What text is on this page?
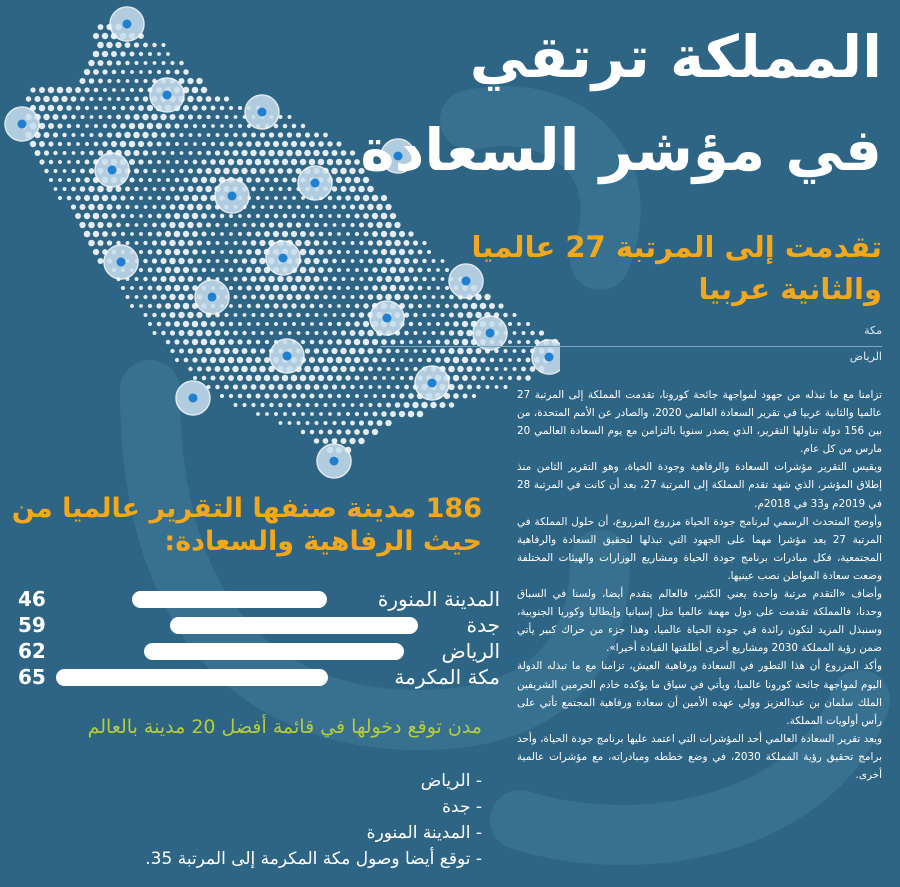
المملكة ترتقي
في مؤشر السعادة
تقدمت إلى المرتبة 27 عالميا
والثانية عربيا
مكة
الرياض

تزامنا مع ما تبذله من جهود لمواجهة جائحة كورونا، تقدمت المملكة إلى المرتبة 27 عالميا والثانية عربيا في تقرير السعادة العالمي 2020، والصادر عن الأمم المتحدة، من بين 156 دولة تناولها التقرير، الذي يصدر سنويا بالتزامن مع يوم السعادة العالمي 20 مارس من كل عام.

ويقيس التقرير مؤشرات السعادة والرفاهية وجودة الحياة، وهو التقرير الثامن منذ إطلاق المؤشر، الذي شهد تقدم المملكة إلى المرتبة 27، بعد أن كانت في المرتبة 28 في 2019م و33 في 2018م.

وأوضح المتحدث الرسمي لبرنامج جودة الحياة مزروع المزروع، أن حلول المملكة في المرتبة 27 يعد مؤشرا مهما على الجهود التي تبذلها لتحقيق السعادة والرفاهية المجتمعية، فكل مبادرات برنامج جودة الحياة ومشاريع الوزارات والهيئات المختلفة وضعت سعادة المواطن نصب عينيها.

وأضاف «التقدم مرتبة واحدة يعني الكثير، فالعالم يتقدم أيضا، ولسنا في السباق وحدنا، فالمملكة تقدمت على دول مهمة عالميا مثل إسبانيا وإيطاليا وكوريا الجنوبية، وسنبذل المزيد لتكون رائدة في جودة الحياة عالميا، وهذا جزء من حراك كبير يأتي ضمن رؤية المملكة 2030 ومشاريع أخرى أطلقتها القيادة أخيرا».

وأكد المزروع أن هذا التطور في السعادة ورفاهية العيش، تزامنا مع ما تبذله الدولة اليوم لمواجهة جائحة كورونا عالميا، ويأتي في سياق ما يؤكده خادم الحرمين الشريفين الملك سلمان بن عبدالعزيز وولي عهده الأمين أن سعادة ورفاهية المجتمع تأتي على رأس أولويات المملكة.

ويعد تقرير السعادة العالمي أحد المؤشرات التي اعتمد عليها برنامج جودة الحياة، وأحد برامج تحقيق رؤية المملكة 2030، في وضع خططه ومبادراته، مع مؤشرات عالمية أخرى.

186 مدينة صنفها التقرير عالميا من حيث الرفاهية والسعادة:
46	المدينة المنورة
59	جدة
62	الرياض
65	مكة المكرمة
مدن توقع دخولها في قائمة أفضل 20 مدينة بالعالم
- الرياض
- جدة
- المدينة المنورة
- توقع أيضا وصول مكة المكرمة إلى المرتبة 35.
